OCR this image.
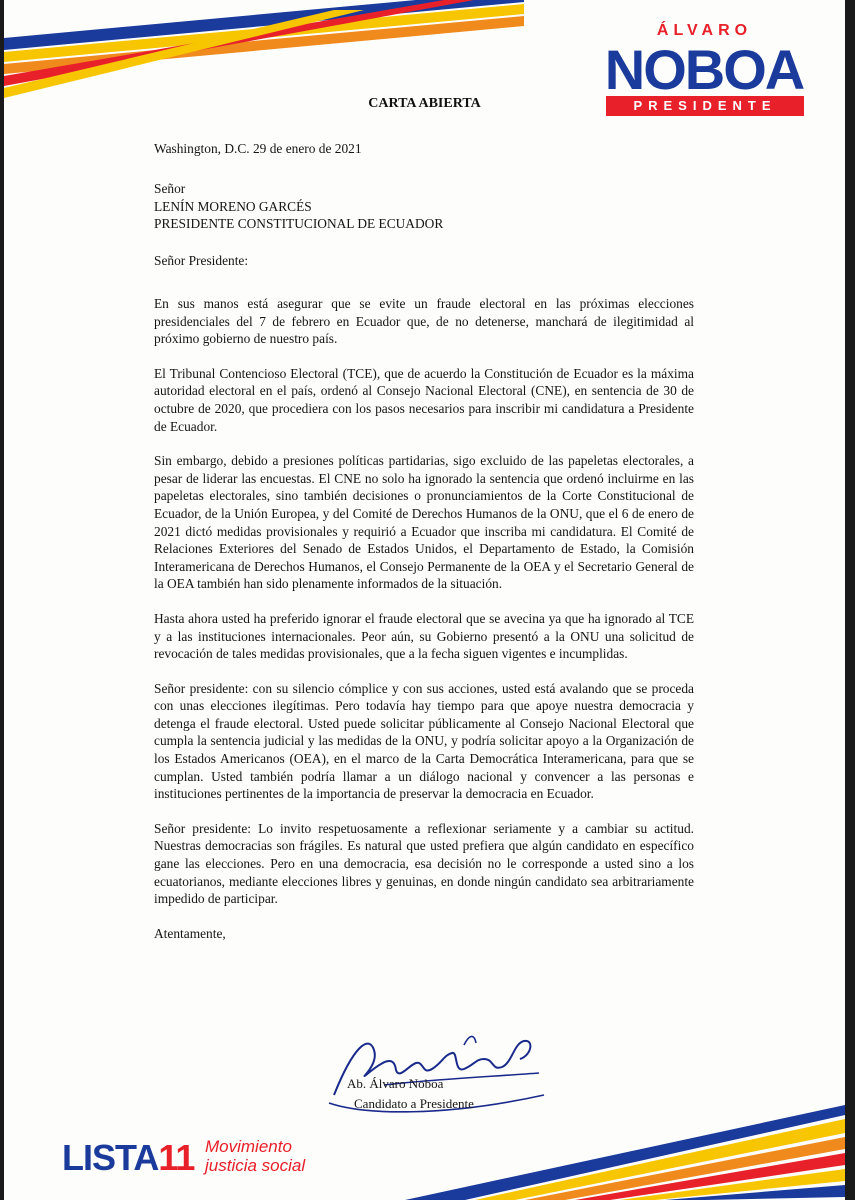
ÁLVARO
NOBOA
PRESIDENTE
CARTA ABIERTA
Washington, D.C. 29 de enero de 2021
Señor
LENÍN MORENO GARCÉS
PRESIDENTE CONSTITUCIONAL DE ECUADOR
Señor Presidente:

En sus manos está asegurar que se evite un fraude electoral en las próximas elecciones presidenciales del 7 de febrero en Ecuador que, de no detenerse, manchará de ilegitimidad al próximo gobierno de nuestro país.

El Tribunal Contencioso Electoral (TCE), que de acuerdo la Constitución de Ecuador es la máxima autoridad electoral en el país, ordenó al Consejo Nacional Electoral (CNE), en sentencia de 30 de octubre de 2020, que procediera con los pasos necesarios para inscribir mi candidatura a Presidente de Ecuador.

Sin embargo, debido a presiones políticas partidarias, sigo excluido de las papeletas electorales, a pesar de liderar las encuestas. El CNE no solo ha ignorado la sentencia que ordenó incluirme en las papeletas electorales, sino también decisiones o pronunciamientos de la Corte Constitucional de Ecuador, de la Unión Europea, y del Comité de Derechos Humanos de la ONU, que el 6 de enero de 2021 dictó medidas provisionales y requirió a Ecuador que inscriba mi candidatura. El Comité de Relaciones Exteriores del Senado de Estados Unidos, el Departamento de Estado, la Comisión Interamericana de Derechos Humanos, el Consejo Permanente de la OEA y el Secretario General de la OEA también han sido plenamente informados de la situación.

Hasta ahora usted ha preferido ignorar el fraude electoral que se avecina ya que ha ignorado al TCE y a las instituciones internacionales. Peor aún, su Gobierno presentó a la ONU una solicitud de revocación de tales medidas provisionales, que a la fecha siguen vigentes e incumplidas.

Señor presidente: con su silencio cómplice y con sus acciones, usted está avalando que se proceda con unas elecciones ilegítimas. Pero todavía hay tiempo para que apoye nuestra democracia y detenga el fraude electoral. Usted puede solicitar públicamente al Consejo Nacional Electoral que cumpla la sentencia judicial y las medidas de la ONU, y podría solicitar apoyo a la Organización de los Estados Americanos (OEA), en el marco de la Carta Democrática Interamericana, para que se cumplan. Usted también podría llamar a un diálogo nacional y convencer a las personas e instituciones pertinentes de la importancia de preservar la democracia en Ecuador.

Señor presidente: Lo invito respetuosamente a reflexionar seriamente y a cambiar su actitud. Nuestras democracias son frágiles. Es natural que usted prefiera que algún candidato en específico gane las elecciones. Pero en una democracia, esa decisión no le corresponde a usted sino a los ecuatorianos, mediante elecciones libres y genuinas, en donde ningún candidato sea arbitrariamente impedido de participar.

Atentamente,

Ab. Álvaro Noboa
Candidato a Presidente
LISTA11 Movimiento
justicia social
